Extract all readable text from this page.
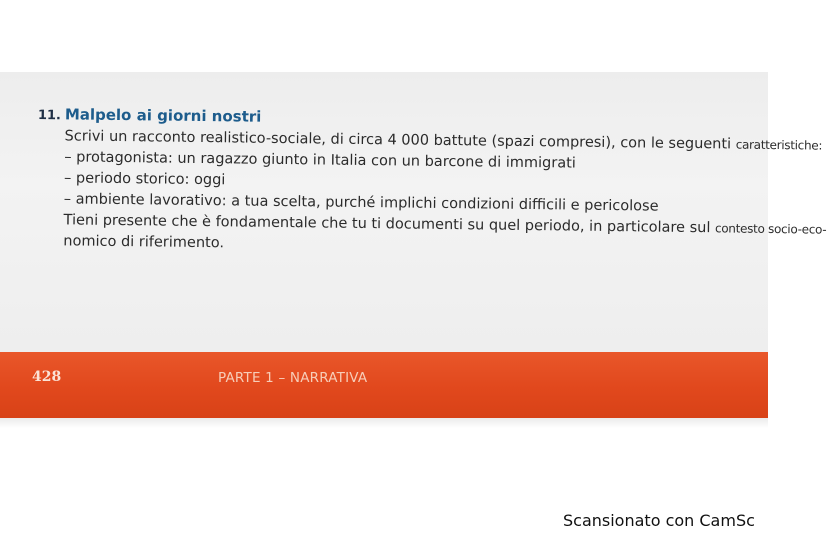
11. Malpelo ai giorni nostri
Scrivi un racconto realistico-sociale, di circa 4 000 battute (spazi compresi), con le seguenti caratteristiche:
– protagonista: un ragazzo giunto in Italia con un barcone di immigrati
– periodo storico: oggi
– ambiente lavorativo: a tua scelta, purché implichi condizioni difficili e pericolose
Tieni presente che è fondamentale che tu ti documenti su quel periodo, in particolare sul contesto socio-eco-
nomico di riferimento.
428	PARTE 1 – NARRATIVA
Scansionato con CamSc
